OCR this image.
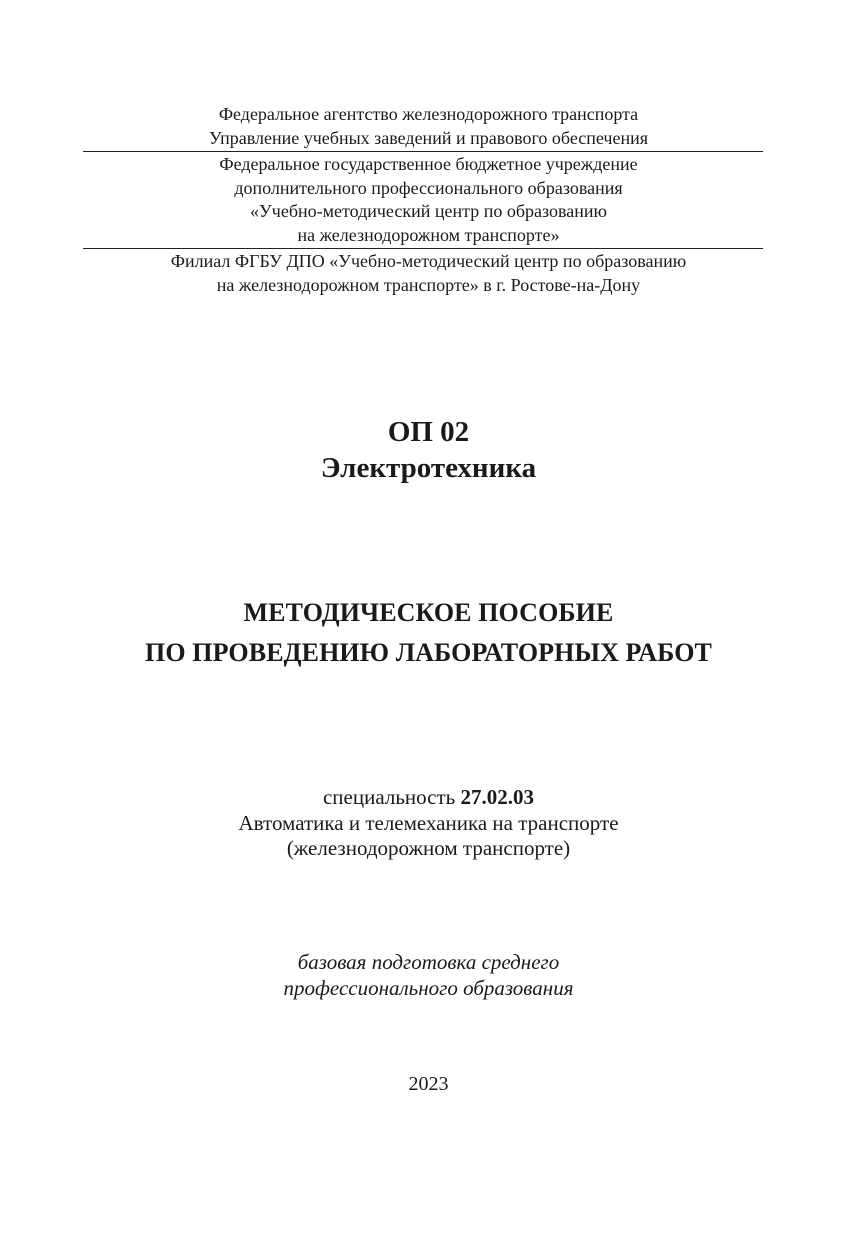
Федеральное агентство железнодорожного транспорта
Управление учебных заведений и правового обеспечения
Федеральное государственное бюджетное учреждение
дополнительного профессионального образования
«Учебно-методический центр по образованию
на железнодорожном транспорте»
Филиал ФГБУ ДПО «Учебно-методический центр по образованию
на железнодорожном транспорте» в г. Ростове-на-Дону
ОП 02
Электротехника
МЕТОДИЧЕСКОЕ ПОСОБИЕ
ПО ПРОВЕДЕНИЮ ЛАБОРАТОРНЫХ РАБОТ
специальность 27.02.03
Автоматика и телемеханика на транспорте
(железнодорожном транспорте)
базовая подготовка среднего
профессионального образования
2023
